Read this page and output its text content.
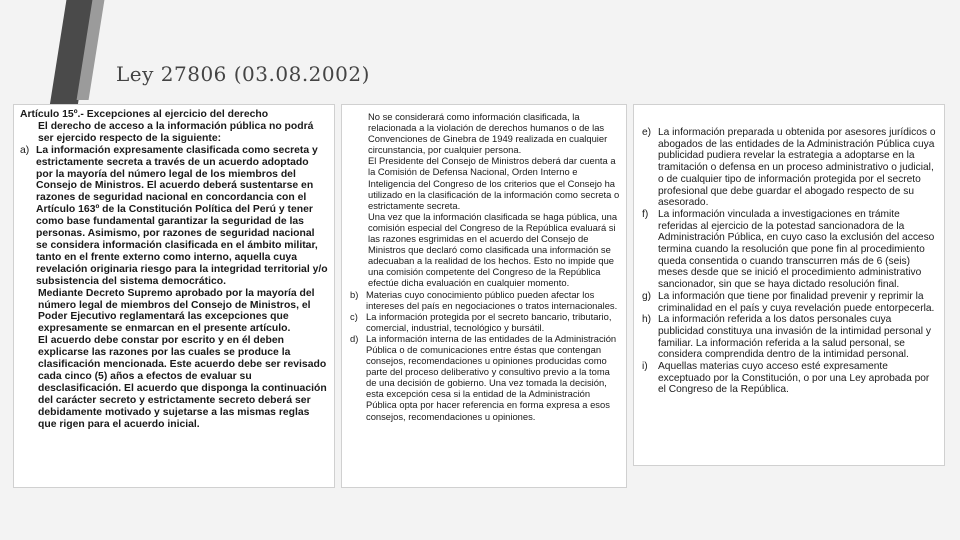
Ley 27806 (03.08.2002)

Artículo 15º.- Excepciones al ejercicio del derecho

El derecho de acceso a la información pública no podrá ser ejercido respecto de la siguiente:

a) La información expresamente clasificada como secreta y estrictamente secreta a través de un acuerdo adoptado por la mayoría del número legal de los miembros del Consejo de Ministros. El acuerdo deberá sustentarse en razones de seguridad nacional en concordancia con el Artículo 163º de la Constitución Política del Perú y tener como base fundamental garantizar la seguridad de las personas. Asimismo, por razones de seguridad nacional se considera información clasificada en el ámbito militar, tanto en el frente externo como interno, aquella cuya revelación originaria riesgo para la integridad territorial y/o subsistencia del sistema democrático.

Mediante Decreto Supremo aprobado por la mayoría del número legal de miembros del Consejo de Ministros, el Poder Ejecutivo reglamentará las excepciones que expresamente se enmarcan en el presente artículo.

El acuerdo debe constar por escrito y en él deben explicarse las razones por las cuales se produce la clasificación mencionada. Este acuerdo debe ser revisado cada cinco (5) años a efectos de evaluar su desclasificación. El acuerdo que disponga la continuación del carácter secreto y estrictamente secreto deberá ser debidamente motivado y sujetarse a las mismas reglas que rigen para el acuerdo inicial.

No se considerará como información clasificada, la relacionada a la violación de derechos humanos o de las Convenciones de Ginebra de 1949 realizada en cualquier circunstancia, por cualquier persona.

El Presidente del Consejo de Ministros deberá dar cuenta a la Comisión de Defensa Nacional, Orden Interno e Inteligencia del Congreso de los criterios que el Consejo ha utilizado en la clasificación de la información como secreta o estrictamente secreta.

Una vez que la información clasificada se haga pública, una comisión especial del Congreso de la República evaluará si las razones esgrimidas en el acuerdo del Consejo de Ministros que declaró como clasificada una información se adecuaban a la realidad de los hechos. Esto no impide que una comisión competente del Congreso de la República efectúe dicha evaluación en cualquier momento.

b) Materias cuyo conocimiento público pueden afectar los intereses del país en negociaciones o tratos internacionales.
c) La información protegida por el secreto bancario, tributario, comercial, industrial, tecnológico y bursátil.
d) La información interna de las entidades de la Administración Pública o de comunicaciones entre éstas que contengan consejos, recomendaciones u opiniones producidas como parte del proceso deliberativo y consultivo previo a la toma de una decisión de gobierno. Una vez tomada la decisión, esta excepción cesa si la entidad de la Administración Pública opta por hacer referencia en forma expresa a esos consejos, recomendaciones u opiniones.
e) La información preparada u obtenida por asesores jurídicos o abogados de las entidades de la Administración Pública cuya publicidad pudiera revelar la estrategia a adoptarse en la tramitación o defensa en un proceso administrativo o judicial, o de cualquier tipo de información protegida por el secreto profesional que debe guardar el abogado respecto de su asesorado.
f) La información vinculada a investigaciones en trámite referidas al ejercicio de la potestad sancionadora de la Administración Pública, en cuyo caso la exclusión del acceso termina cuando la resolución que pone fin al procedimiento queda consentida o cuando transcurren más de 6 (seis) meses desde que se inició el procedimiento administrativo sancionador, sin que se haya dictado resolución final.
g) La información que tiene por finalidad prevenir y reprimir la criminalidad en el país y cuya revelación puede entorpecerla.
h) La información referida a los datos personales cuya publicidad constituya una invasión de la intimidad personal y familiar. La información referida a la salud personal, se considera comprendida dentro de la intimidad personal.
i)	Aquellas materias cuyo acceso esté expresamente exceptuado por la Constitución, o por una Ley aprobada por el Congreso de la República.
